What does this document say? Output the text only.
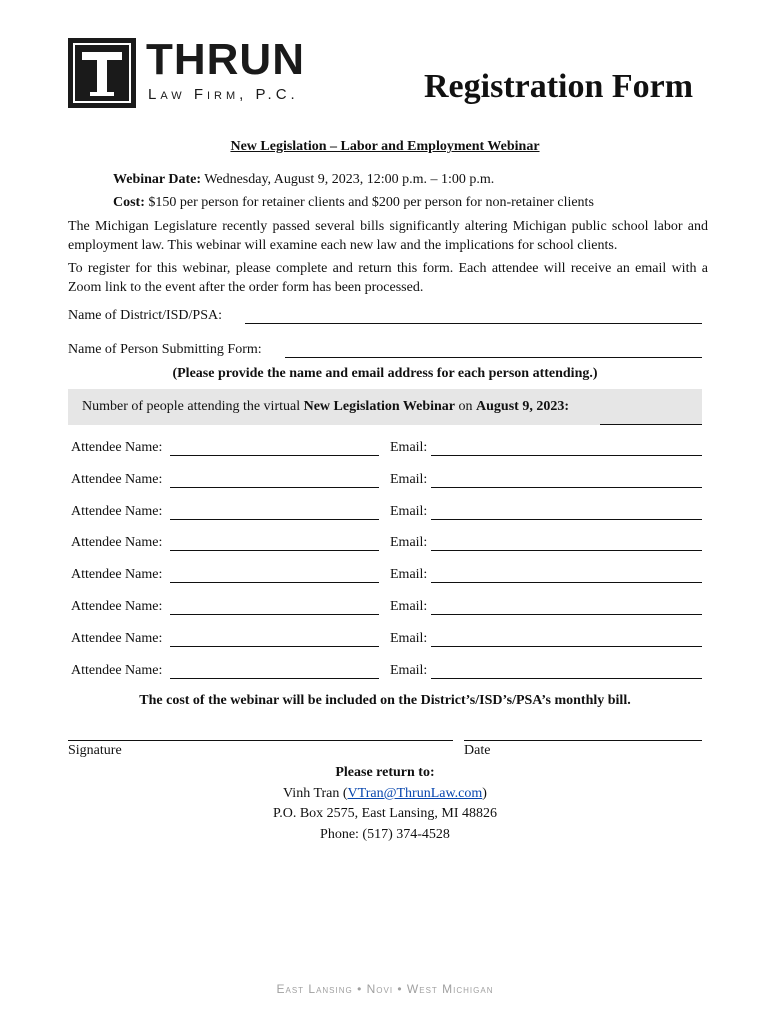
THRUN
Law Firm, P.C.	Registration Form
New Legislation – Labor and Employment Webinar
Webinar Date: Wednesday, August 9, 2023, 12:00 p.m. – 1:00 p.m.
Cost: $150 per person for retainer clients and $200 per person for non-retainer clients
The Michigan Legislature recently passed several bills significantly altering Michigan public school labor and employment law. This webinar will examine each new law and the implications for school clients.
To register for this webinar, please complete and return this form. Each attendee will receive an email with a Zoom link to the event after the order form has been processed.
Name of District/ISD/PSA:
Name of Person Submitting Form:
(Please provide the name and email address for each person attending.)
Number of people attending the virtual New Legislation Webinar on August 9, 2023:
Attendee Name:	Email:
Attendee Name:	Email:
Attendee Name:	Email:
Attendee Name:	Email:
Attendee Name:	Email:
Attendee Name:	Email:
Attendee Name:	Email:
Attendee Name:	Email:
The cost of the webinar will be included on the District’s/ISD’s/PSA’s monthly bill.
Signature	Date
Please return to:
Vinh Tran (VTran@ThrunLaw.com)
P.O. Box 2575, East Lansing, MI 48826
Phone: (517) 374-4528
East Lansing • Novi • West Michigan
